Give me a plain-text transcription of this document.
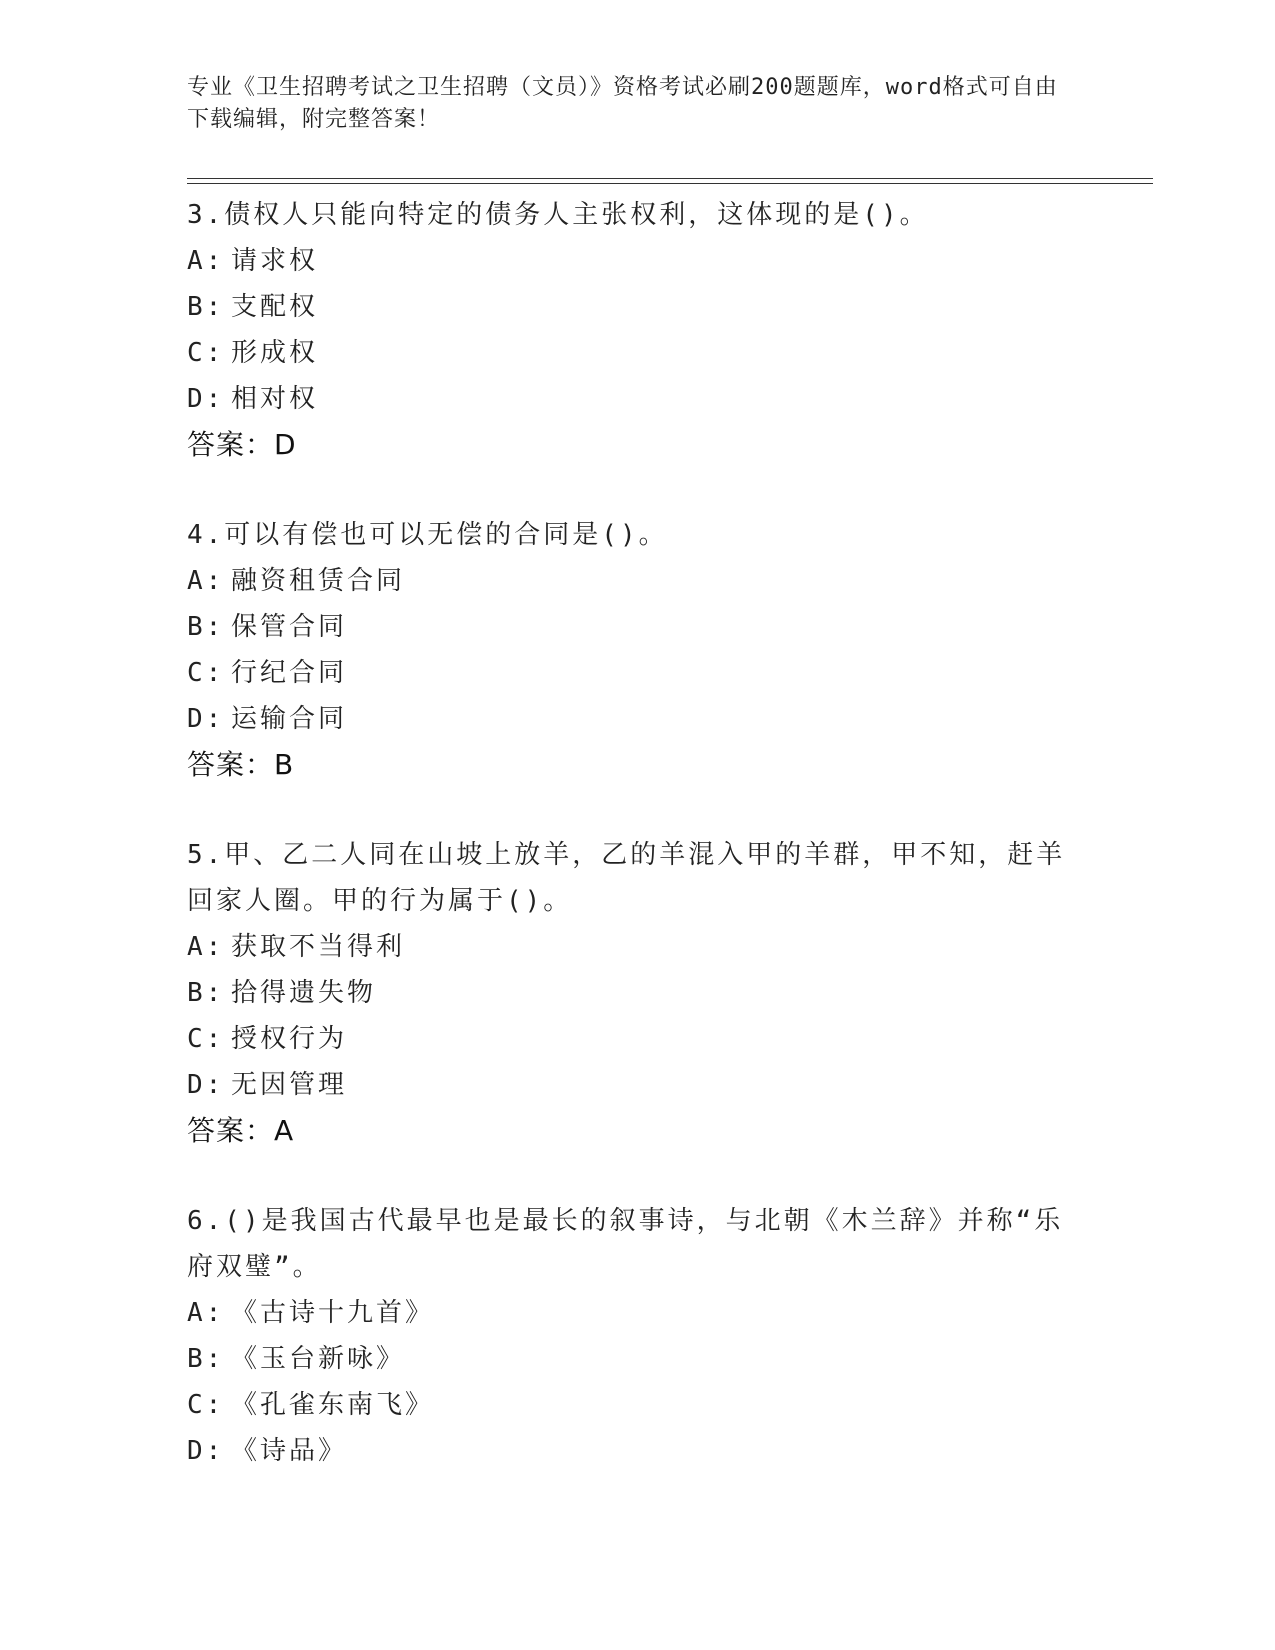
专业《卫生招聘考试之卫生招聘（文员）》资格考试必刷200题题库，word格式可自由下载编辑，附完整答案！

3.债权人只能向特定的债务人主张权利，这体现的是()。

A: 请求权
B: 支配权
C: 形成权
D: 相对权
答案：D

4.可以有偿也可以无偿的合同是()。

A: 融资租赁合同
B: 保管合同
C: 行纪合同
D: 运输合同
答案：B

5.甲、乙二人同在山坡上放羊，乙的羊混入甲的羊群，甲不知，赶羊回家人圈。甲的行为属于()。

A: 获取不当得利
B: 拾得遗失物
C: 授权行为
D: 无因管理
答案：A

6.()是我国古代最早也是最长的叙事诗，与北朝《木兰辞》并称“乐府双璧”。

A: 《古诗十九首》
B: 《玉台新咏》
C: 《孔雀东南飞》
D: 《诗品》
